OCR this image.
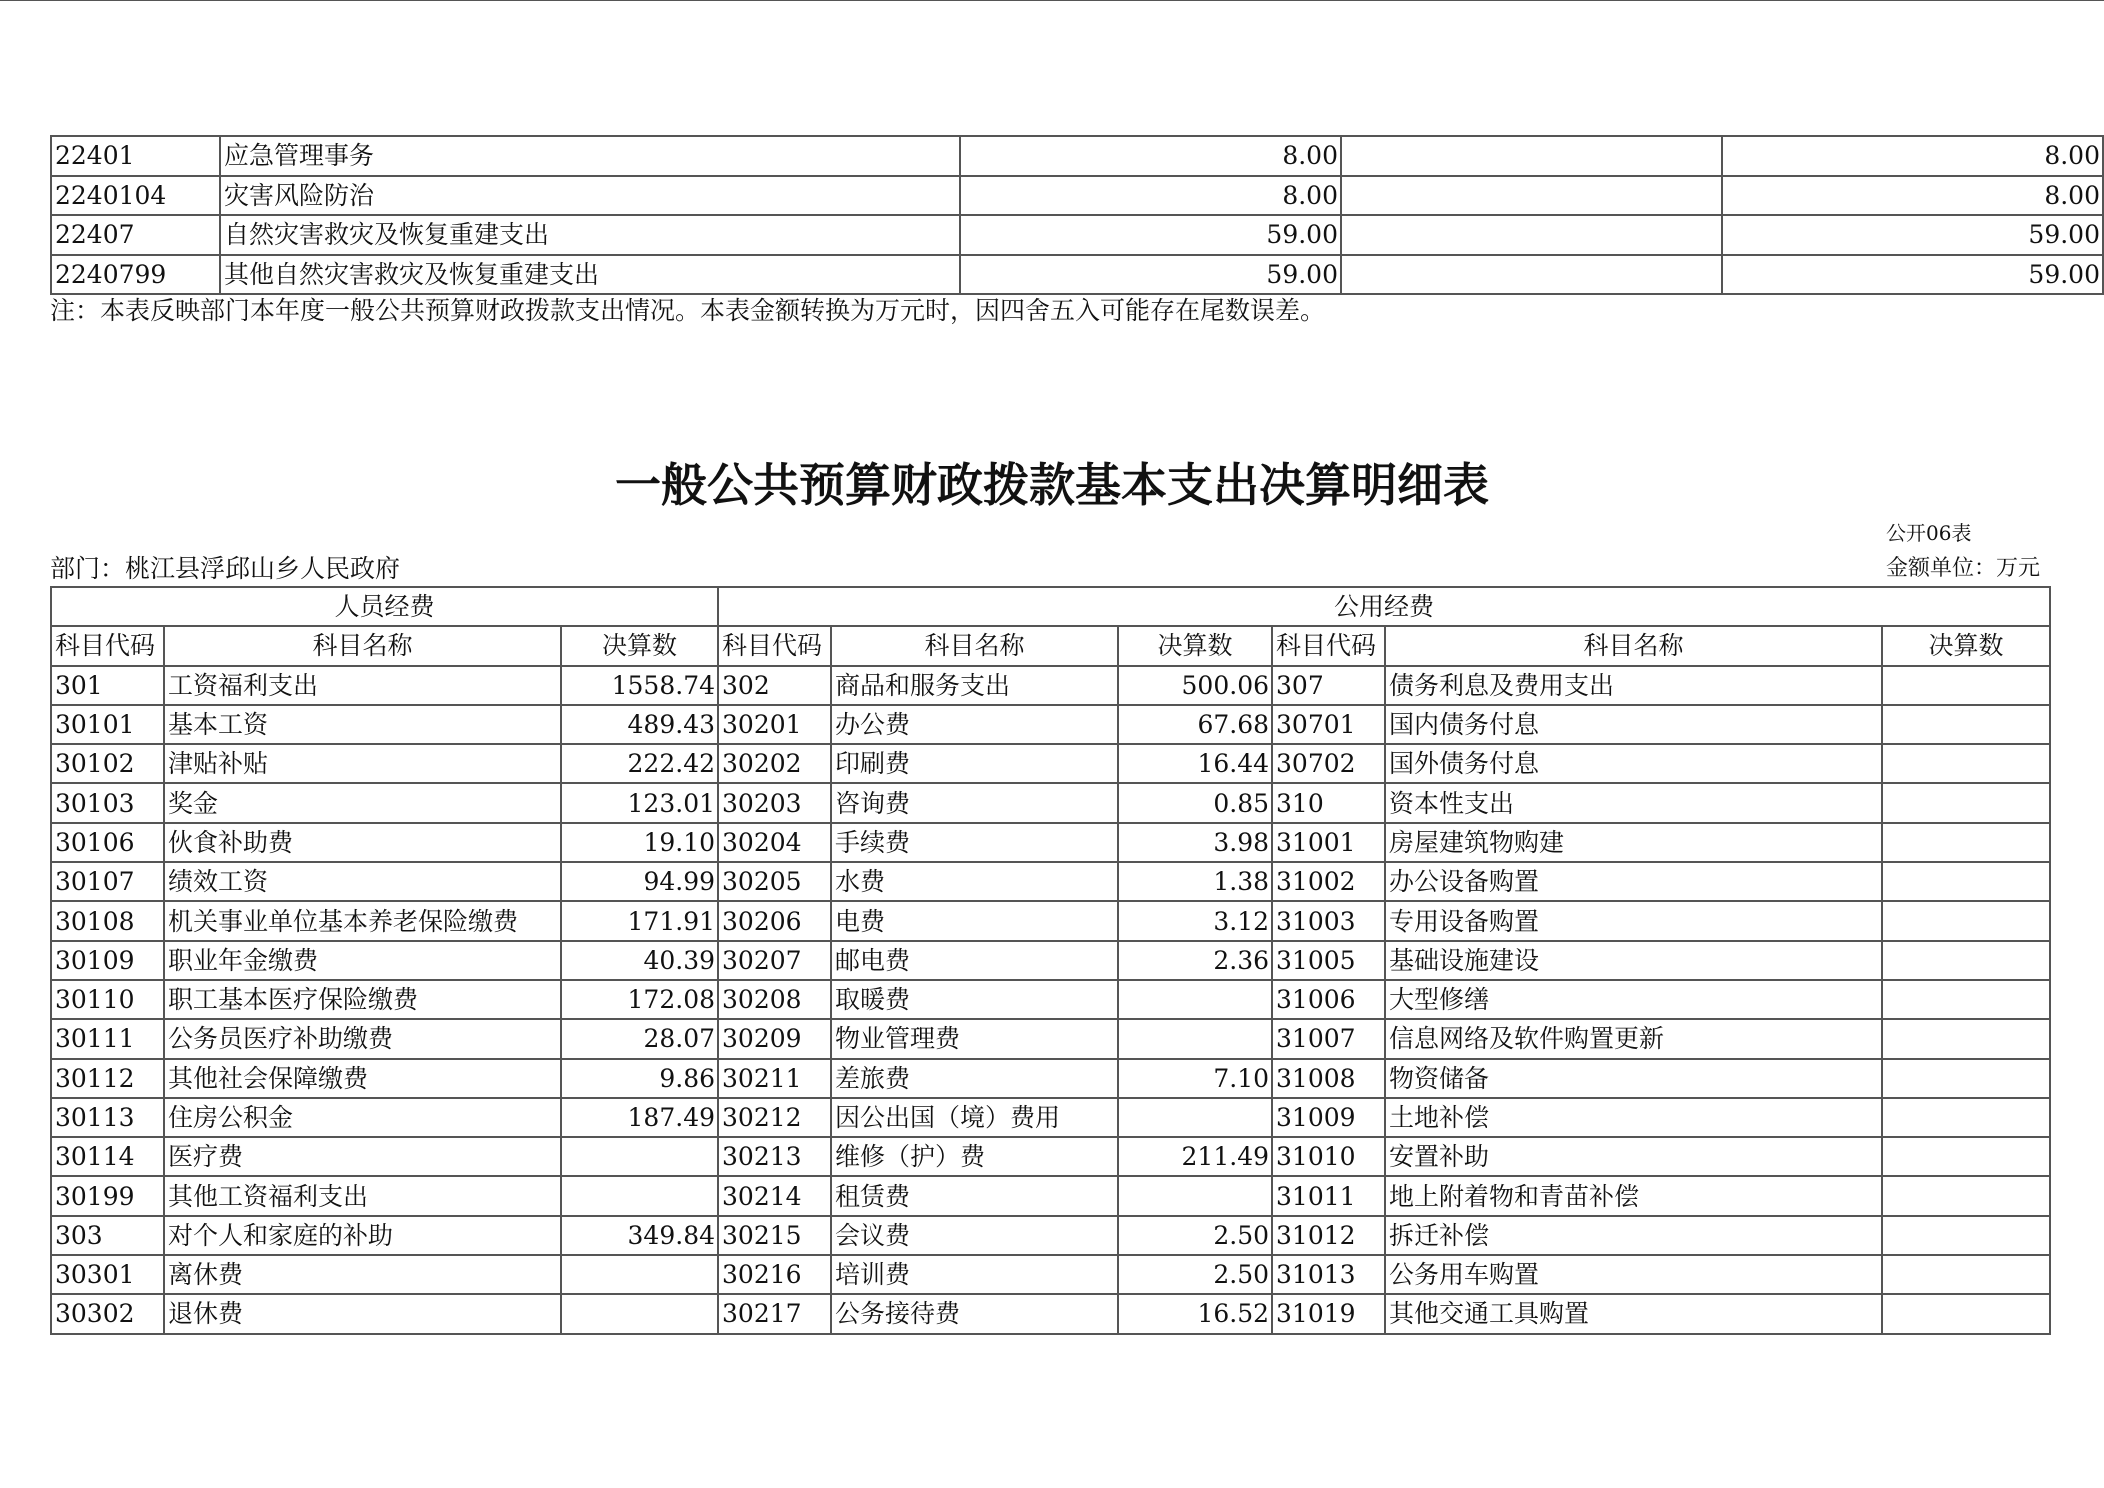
22401	应急管理事务	8.00		8.00
2240104	灾害风险防治	8.00		8.00
22407	自然灾害救灾及恢复重建支出	59.00		59.00
2240799	其他自然灾害救灾及恢复重建支出	59.00		59.00
注：本表反映部门本年度一般公共预算财政拨款支出情况。本表金额转换为万元时，因四舍五入可能存在尾数误差。
一般公共预算财政拨款基本支出决算明细表
公开06表
部门：桃江县浮邱山乡人民政府	金额单位：万元
人员经费			公用经费					
科目代码	科目名称	决算数	科目代码	科目名称	决算数	科目代码	科目名称	决算数
301	工资福利支出	1558.74	302	商品和服务支出	500.06	307	债务利息及费用支出	
30101	基本工资	489.43	30201	办公费	67.68	30701	国内债务付息	
30102	津贴补贴	222.42	30202	印刷费	16.44	30702	国外债务付息	
30103	奖金	123.01	30203	咨询费	0.85	310	资本性支出	
30106	伙食补助费	19.10	30204	手续费	3.98	31001	房屋建筑物购建	
30107	绩效工资	94.99	30205	水费	1.38	31002	办公设备购置	
30108	机关事业单位基本养老保险缴费	171.91	30206	电费	3.12	31003	专用设备购置	
30109	职业年金缴费	40.39	30207	邮电费	2.36	31005	基础设施建设	
30110	职工基本医疗保险缴费	172.08	30208	取暖费		31006	大型修缮	
30111	公务员医疗补助缴费	28.07	30209	物业管理费		31007	信息网络及软件购置更新	
30112	其他社会保障缴费	9.86	30211	差旅费	7.10	31008	物资储备	
30113	住房公积金	187.49	30212	因公出国（境）费用		31009	土地补偿	
30114	医疗费		30213	维修（护）费	211.49	31010	安置补助	
30199	其他工资福利支出		30214	租赁费		31011	地上附着物和青苗补偿	
303	对个人和家庭的补助	349.84	30215	会议费	2.50	31012	拆迁补偿	
30301	离休费		30216	培训费	2.50	31013	公务用车购置	
30302	退休费		30217	公务接待费	16.52	31019	其他交通工具购置	
